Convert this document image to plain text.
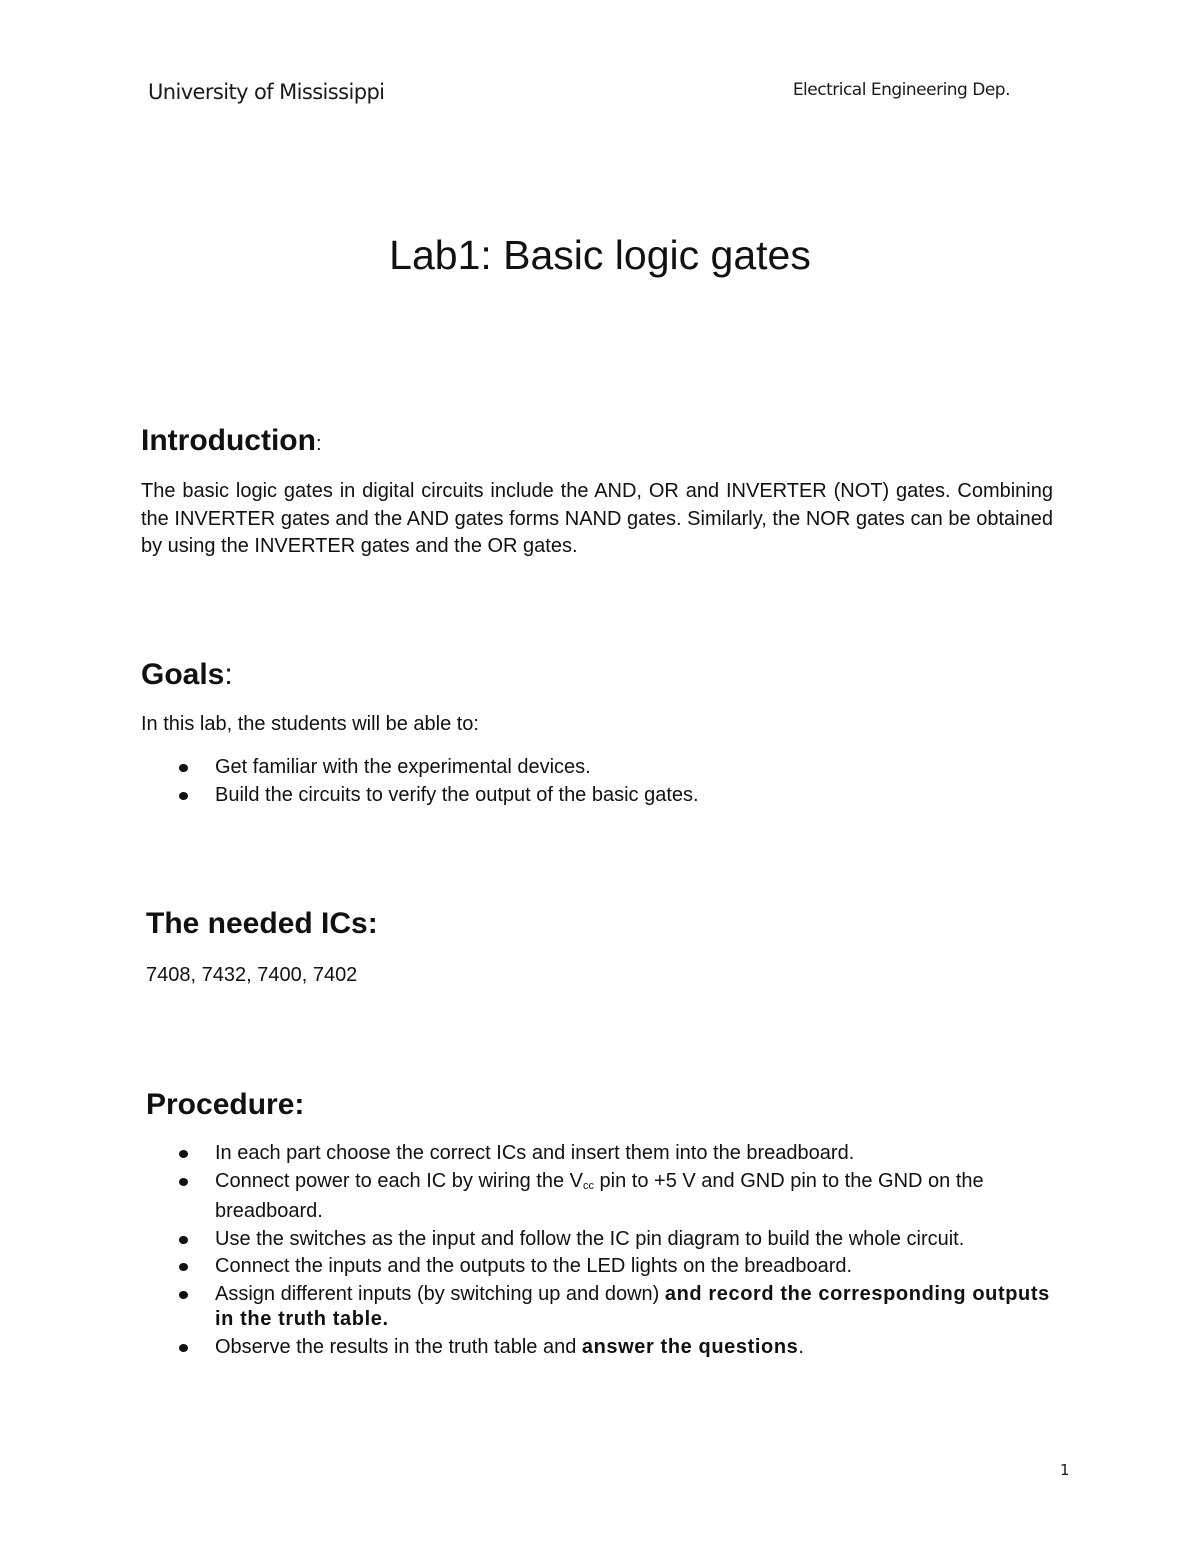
University of Mississippi	Electrical Engineering Dep.
Lab1: Basic logic gates
Introduction:

The basic logic gates in digital circuits include the AND, OR and INVERTER (NOT) gates. Combining the INVERTER gates and the AND gates forms NAND gates. Similarly, the NOR gates can be obtained by using the INVERTER gates and the OR gates.

Goals:

In this lab, the students will be able to:

Get familiar with the experimental devices.
Build the circuits to verify the output of the basic gates.
The needed ICs:

7408, 7432, 7400, 7402

Procedure:
In each part choose the correct ICs and insert them into the breadboard.
Connect power to each IC by wiring the Vcc pin to +5 V and GND pin to the GND on the breadboard.
Use the switches as the input and follow the IC pin diagram to build the whole circuit.
Connect the inputs and the outputs to the LED lights on the breadboard.
Assign different inputs (by switching up and down) and record the corresponding outputs in the truth table.
Observe the results in the truth table and answer the questions.
1
